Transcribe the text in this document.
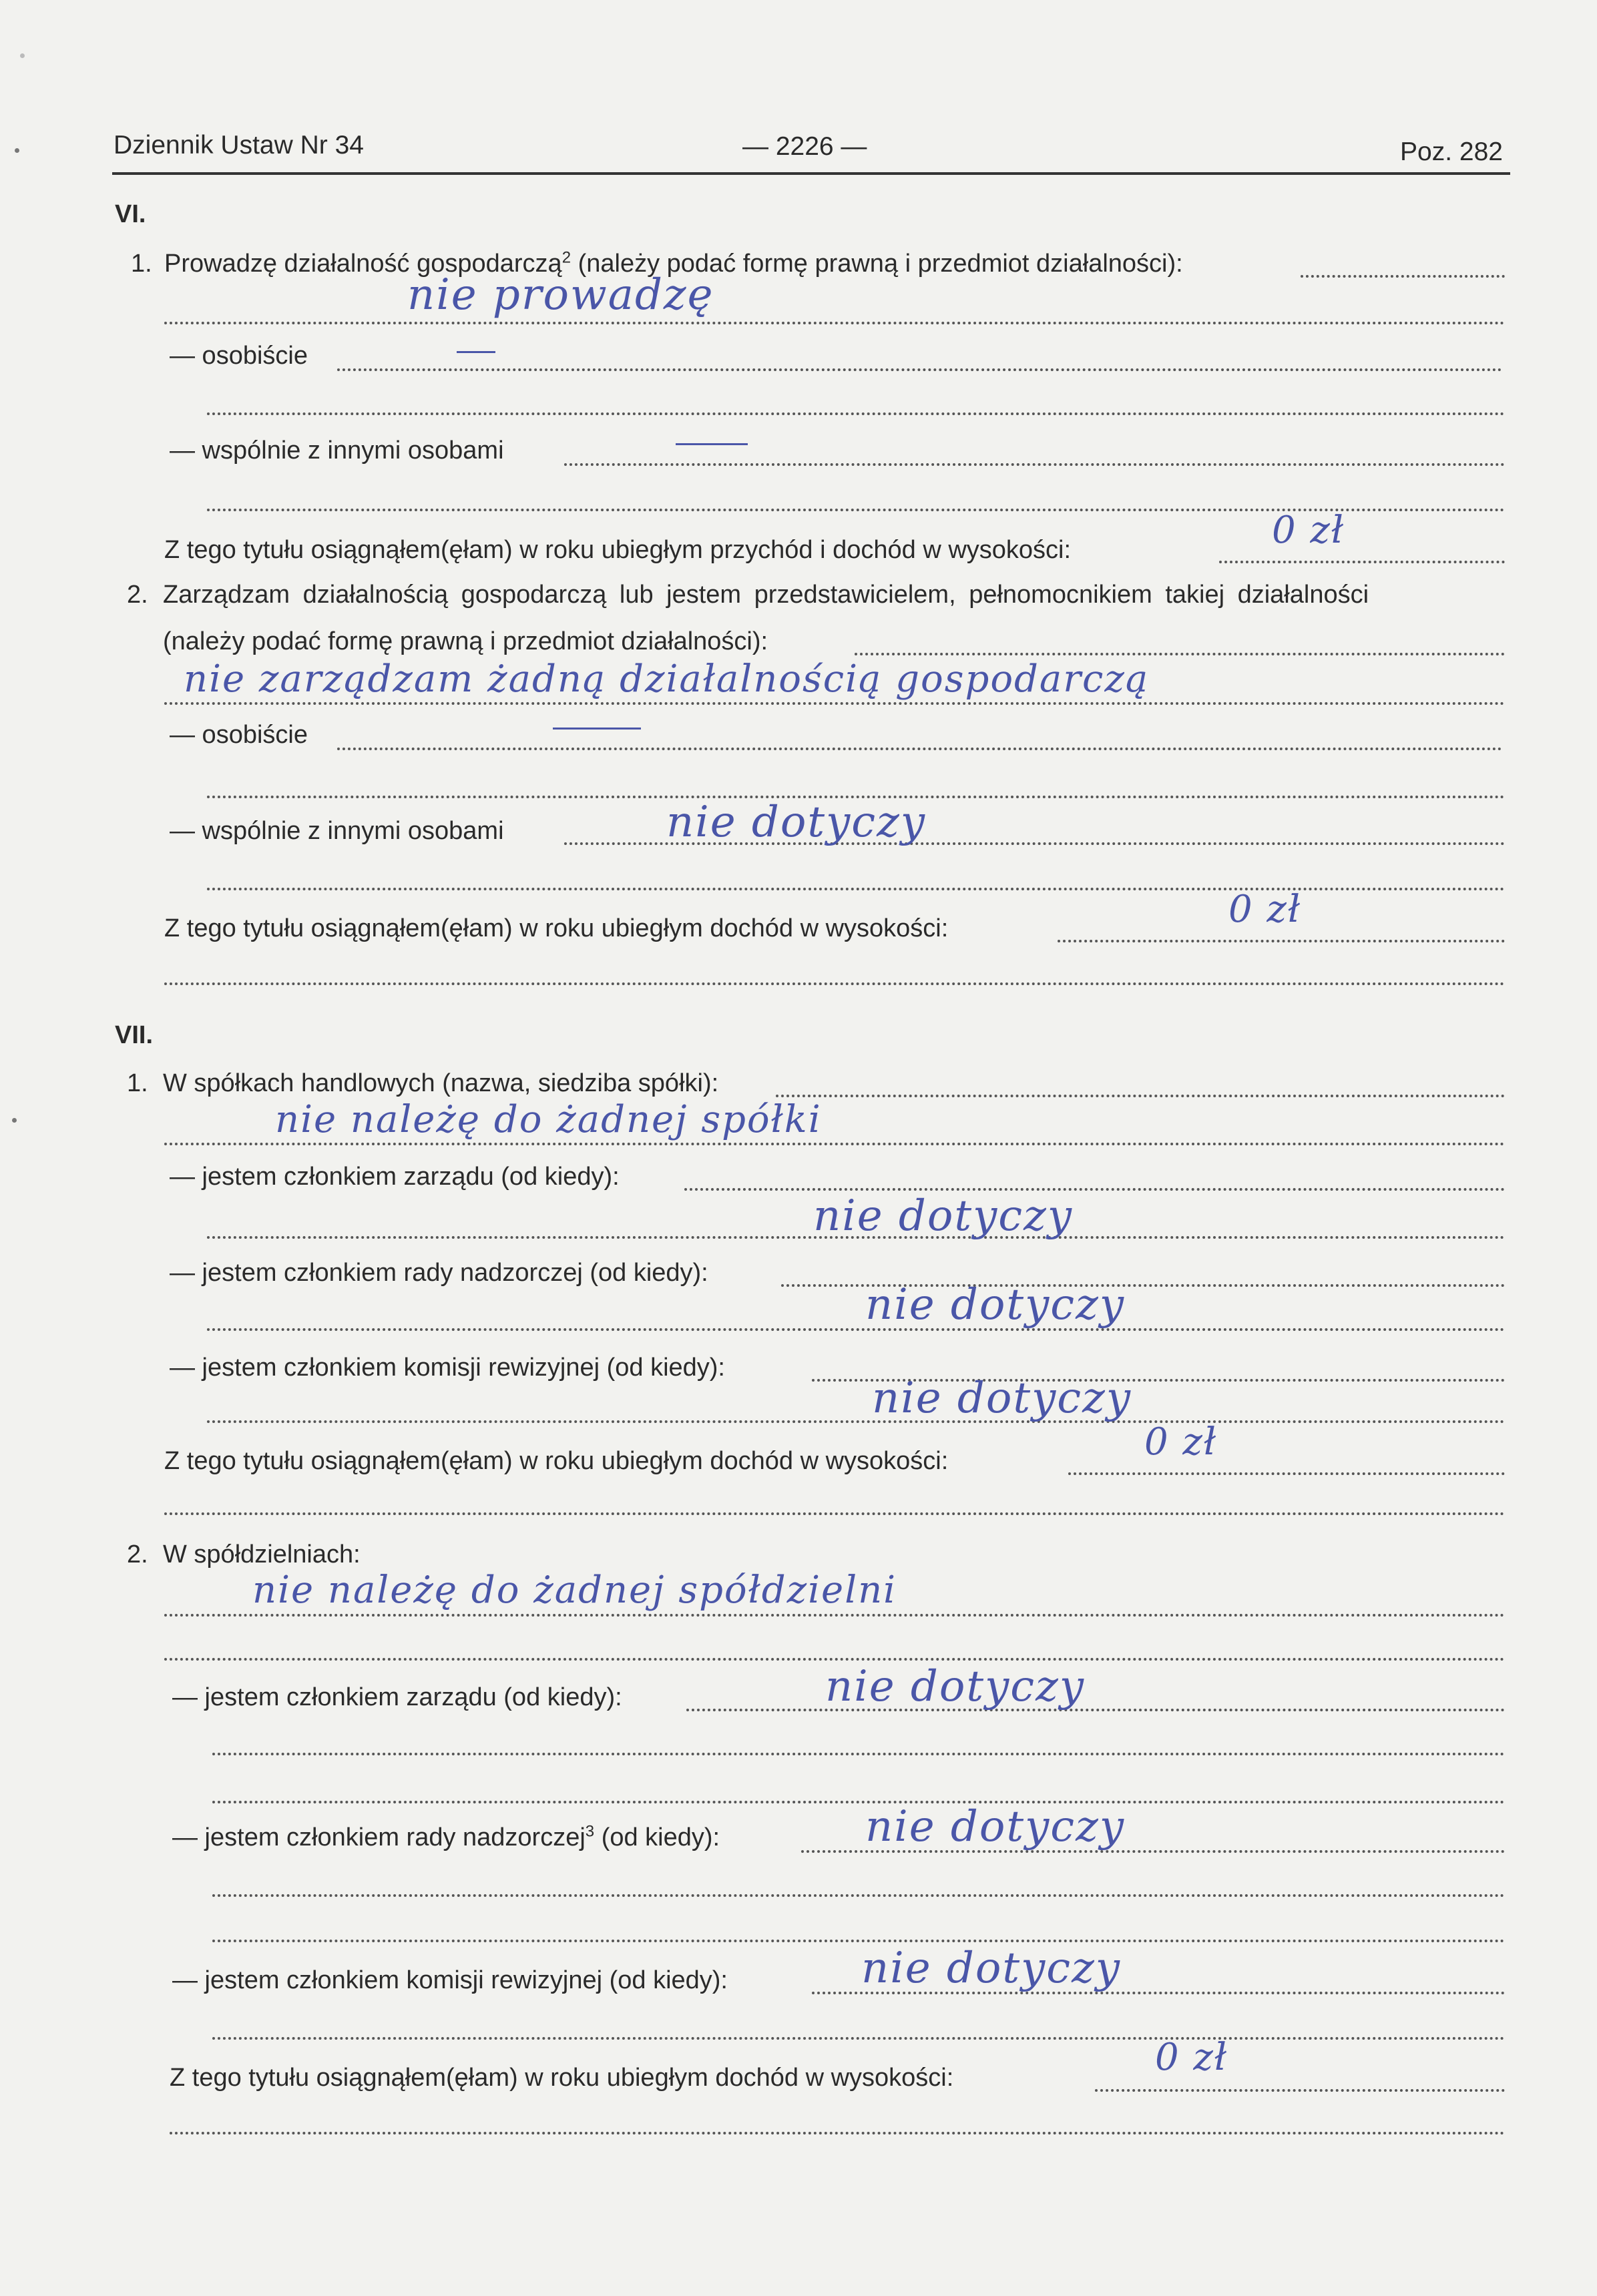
Dziennik Ustaw Nr 34	— 2226 —	Poz. 282
VI.
1. Prowadzę działalność gospodarczą$^2$ (należy podać formę prawną i przedmiot działalności):
nie prowadzę
— osobiście
— wspólnie z innymi osobami
Z tego tytułu osiągnąłem(ęłam) w roku ubiegłym przychód i dochód w wysokości:	0 zł
2. Zarządzam działalnością gospodarczą lub jestem przedstawicielem, pełnomocnikiem takiej działalności
(należy podać formę prawną i przedmiot działalności):
nie zarządzam żadną działalnością gospodarczą
— osobiście
— wspólnie z innymi osobami	nie dotyczy
Z tego tytułu osiągnąłem(ęłam) w roku ubiegłym dochód w wysokości:	0 zł
VII.
1. W spółkach handlowych (nazwa, siedziba spółki):
nie należę do żadnej spółki
— jestem członkiem zarządu (od kiedy):
nie dotyczy
— jestem członkiem rady nadzorczej (od kiedy):
nie dotyczy
— jestem członkiem komisji rewizyjnej (od kiedy):
nie dotyczy
Z tego tytułu osiągnąłem(ęłam) w roku ubiegłym dochód w wysokości:	0 zł
2. W spółdzielniach:
nie należę do żadnej spółdzielni
— jestem członkiem zarządu (od kiedy):	nie dotyczy
— jestem członkiem rady nadzorczej$^3$ (od kiedy):	nie dotyczy
— jestem członkiem komisji rewizyjnej (od kiedy):	nie dotyczy
Z tego tytułu osiągnąłem(ęłam) w roku ubiegłym dochód w wysokości:	0 zł
